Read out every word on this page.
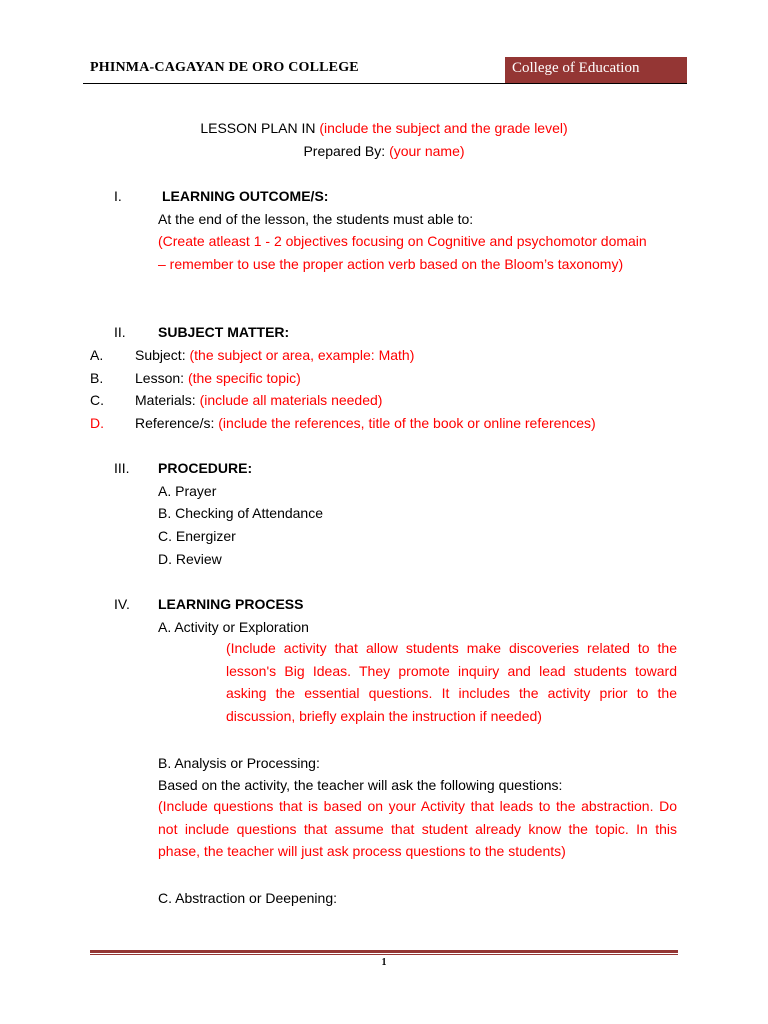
PHINMA-CAGAYAN DE ORO COLLEGE	College of Education
LESSON PLAN IN (include the subject and the grade level)
Prepared By: (your name)
I.	LEARNING OUTCOME/S:
At the end of the lesson, the students must able to:
(Create atleast 1 - 2 objectives focusing on Cognitive and psychomotor domain – remember to use the proper action verb based on the Bloom’s taxonomy)
II. SUBJECT MATTER:
A. Subject: (the subject or area, example: Math)
B. Lesson: (the specific topic)
C. Materials: (include all materials needed)
D. Reference/s: (include the references, title of the book or online references)
III. PROCEDURE:
A. Prayer
B. Checking of Attendance
C. Energizer
D. Review
IV. LEARNING PROCESS
A. Activity or Exploration
(Include activity that allow students make discoveries related to the lesson's Big Ideas. They promote inquiry and lead students toward asking the essential questions. It includes the activity prior to the discussion, briefly explain the instruction if needed)
B. Analysis or Processing:
Based on the activity, the teacher will ask the following questions:
(Include questions that is based on your Activity that leads to the abstraction. Do not include questions that assume that student already know the topic. In this phase, the teacher will just ask process questions to the students)
C. Abstraction or Deepening:
1
